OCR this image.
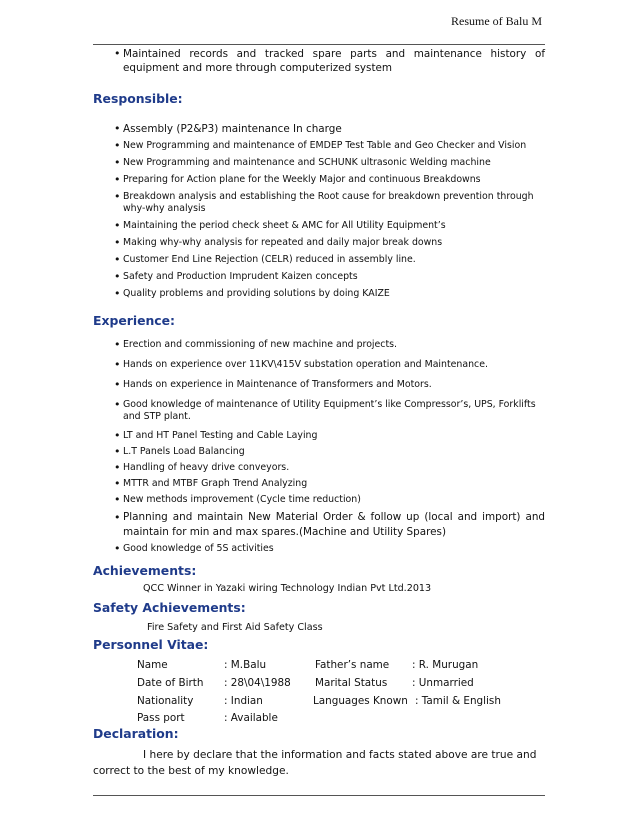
Resume of Balu M
• Maintained records and tracked spare parts and maintenance history of equipment and more through computerized system
Responsible:
• Assembly (P2&P3) maintenance In charge
• New Programming and maintenance of EMDEP Test Table and Geo Checker and Vision
• New Programming and maintenance and SCHUNK ultrasonic Welding machine
• Preparing for Action plane for the Weekly Major and continuous Breakdowns
• Breakdown analysis and establishing the Root cause for breakdown prevention through why-why analysis
• Maintaining the period check sheet & AMC for All Utility Equipment’s
• Making why-why analysis for repeated and daily major break downs
• Customer End Line Rejection (CELR) reduced in assembly line.
• Safety and Production Imprudent Kaizen concepts
• Quality problems and providing solutions by doing KAIZE
Experience:
• Erection and commissioning of new machine and projects.
• Hands on experience over 11KV\415V substation operation and Maintenance.
• Hands on experience in Maintenance of Transformers and Motors.
• Good knowledge of maintenance of Utility Equipment’s like Compressor’s, UPS, Forklifts and STP plant.
• LT and HT Panel Testing and Cable Laying
• L.T Panels Load Balancing
• Handling of heavy drive conveyors.
• MTTR and MTBF Graph Trend Analyzing
• New methods improvement (Cycle time reduction)
• Planning and maintain New Material Order & follow up (local and import) and maintain for min and max spares.(Machine and Utility Spares)
• Good knowledge of 5S activities
Achievements:
QCC Winner in Yazaki wiring Technology Indian Pvt Ltd.2013
Safety Achievements:
Fire Safety and First Aid Safety Class
Personnel Vitae:
Name	: M.Balu	Father’s name : R. Murugan
Date of Birth : 28\04\1988 Marital Status : Unmarried
Nationality	: Indian	Languages Known : Tamil & English
Pass port	: Available
Declaration:
I here by declare that the information and facts stated above are true and
correct to the best of my knowledge.
